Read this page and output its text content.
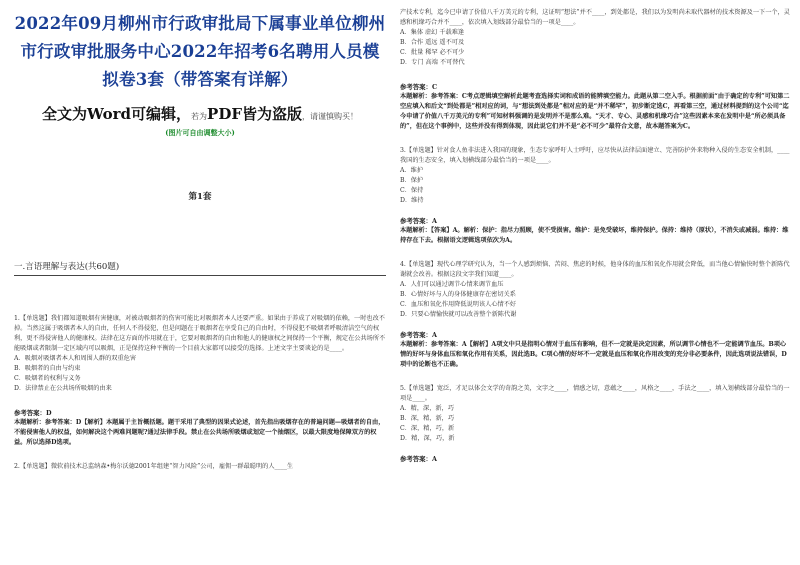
2022年09月柳州市行政审批局下属事业单位柳州市行政审批服务中心2022年招考6名聘用人员模拟卷3套（带答案有详解）
全文为Word可编辑，若为PDF皆为盗版，请谨慎购买！
(图片可自由调整大小)
第1套
一.言语理解与表达(共60题)

1.【单选题】我们都知道吸烟有害健康，对被动吸烟者的伤害可能比对吸烟者本人还要严重。如果由于养成了对吸烟的依赖，一时也改不掉。当然这属于吸烟者本人的自由，任何人不得侵犯，但是问题在于吸烟者在享受自己的自由时，不得侵犯不吸烟者呼吸清洁空气的权利，更不得侵害他人的健康权。法律在这方面的作用就在于，它要对吸烟者的自由和他人的健康权之间保持一个平衡，规定在公共场所不能吸烟或者限制一定区域内可以吸烟，正是保持这种平衡的一个目前大家都可以接受的选择。上述文字主要谈论的是____。

A．吸烟对吸烟者本人和周围人群的双重危害

B．吸烟者的自由与约束

C．吸烟者的权利与义务

D．法律禁止在公共场所吸烟的由来

参考答案：D

本题解析：参考答案：D【解析】本题属于主旨概括题。题干采用了典型的因果式论述，首先指出吸烟存在的普遍问题—吸烟者的自由，不能侵害他人的权益，如何解决这个两难问题呢?通过法律手段。禁止在公共场所吸烟或划定一个抽烟区，以最大限度地保障双方的权益。所以选择D选项。

2.【单选题】微软前技术总监纳森•梅尔沃德2001年组建“智力风险”公司，雇佣一群最聪明的人____生

产技术专利，迄今已申请了价值八千万美元的专利，这证明“想法”并不____，到处都是，我们以为发明尚未取代器材的技术资源及一下一个，灵感和机缘巧合并不____，依次填入划线部分最恰当的一项是____。

A．集体 虚幻 千载难逢

B．合作 遥远 遥不可及

C．批量 稀罕 必不可少

D．专门 高端 不可替代

参考答案：C

本题解析：参考答案：C考点逻辑填空解析此题考查选择实词和成语的能辨填空能力。此题从第二空入手。根据前面“由于确定的专利”可知第二空应填入和后文“到处都是”相对应的词，与“想法到处都是”相对应的是“并不稀罕”，初步断定选C，再看第三空，通过材料提到的这个公司“迄今申请了价值八千万美元的专利”可知材料强调的是发明并不是那么难。“天才、专心、灵感和机缘巧合”这些因素本来在发明中是“所必须具备的”，但在这个事例中，这些并没有得到体现，因此说它们并不是“必不可少”最符合文意，故本题答案为C。

3.【单选题】针对食人鱼非法进入我国的现象，生态专家呼吁人士呼吁，应尽快从法律层面建立、完善防护外来物种入侵的生态安全机制，____我国的生态安全，填入划横线部分最恰当的一项是____。

A．维护

B．保护

C．保持

D．维持

参考答案：A

本题解析：【答案】A。解析：保护：指尽力照顾，使不受损害。维护：是免受破坏，维持保护。保持：维持（原状），不消失或减弱。维持：维持存在下去。根据语文逻辑选项依次为A。

4.【单选题】现代心理学研究认为，当一个人感到烦恼、苦闷、焦虑的时候，他身体的血压和氧化作用就会降低，而当他心情愉快时整个新陈代谢就会改善。根据这段文字我们知道____。

A．人们可以通过调节心情来调节血压

B．心情好坏与人的身体健康存在密切关系

C．血压和氧化作用降低说明该人心情不好

D．只要心情愉快就可以改善整个新陈代谢

参考答案：A

本题解析：参考答案：A【解析】A项文中只是指明心情对于血压有影响，但不一定就是决定因素，所以调节心情也不一定能调节血压。B项心情的好坏与身体血压和氧化作用有关系，因此选B。C项心情的好坏不一定就是血压和氧化作用改变的充分非必要条件，因此选项说法错误，D项中的论断也不正确。

5.【单选题】宽泛，才足以体会文学的奇韵之美，文字之____，情感之切，意蕴之____，风格之____，手法之____，填入划横线部分最恰当的一项是____。

A．精，深，新，巧

B．深，精，新，巧

C．深，精，巧，新

D．精，深，巧，新

参考答案：A
